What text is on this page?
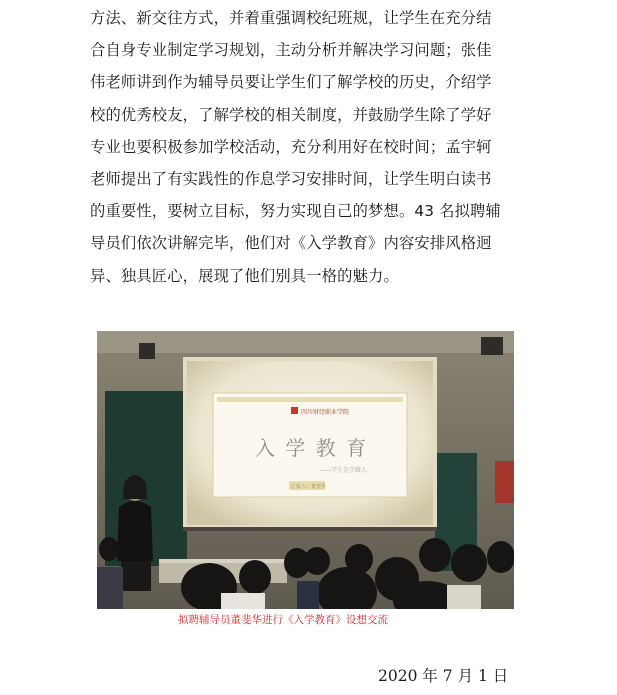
方法、新交往方式，并着重强调校纪班规，让学生在充分结
合自身专业制定学习规划，主动分析并解决学习问题；张佳
伟老师讲到作为辅导员要让学生们了解学校的历史，介绍学
校的优秀校友，了解学校的相关制度，并鼓励学生除了学好
专业也要积极参加学校活动，充分利用好在校时间；孟宇轲
老师提出了有实践性的作息学习安排时间，让学生明白读书
的重要性，要树立目标，努力实现自己的梦想。43 名拟聘辅
导员们依次讲解完毕，他们对《入学教育》内容安排风格迥
异、独具匠心，展现了他们别具一格的魅力。
四川财经职业学院
入 学 教 育
——学生先学做人
汇报人：董斐华
拟聘辅导员董斐华进行《入学教育》设想交流
2020 年 7 月 1 日
